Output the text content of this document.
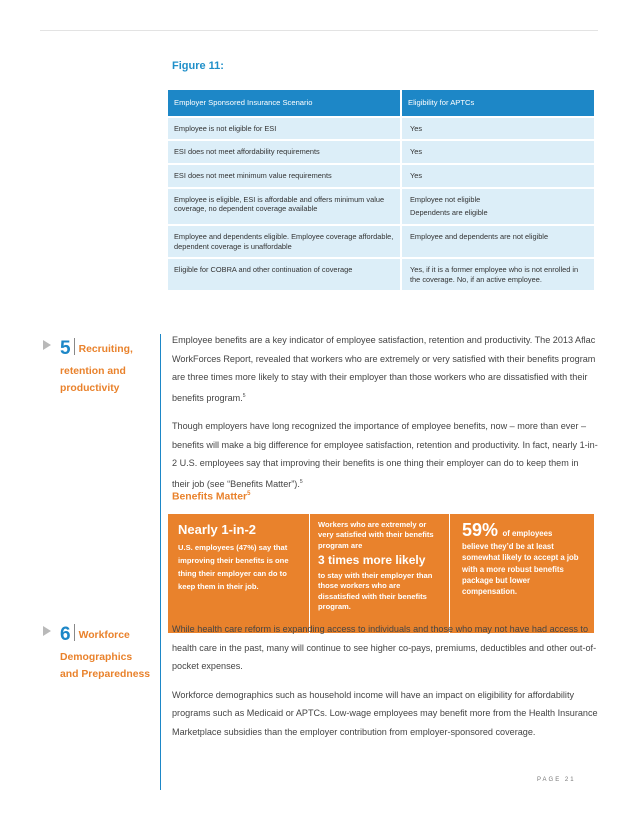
Figure 11:
Employer Sponsored Insurance Scenario	Eligibility for APTCs
Employee is not eligible for ESI	Yes
ESI does not meet affordability requirements	Yes
ESI does not meet minimum value requirements	Yes
Employee is eligible, ESI is affordable and offers minimum value coverage, no dependent coverage available	Employee not eligible
Dependents are eligible

Employee and dependents eligible. Employee coverage affordable, dependent coverage is unaffordable	Employee and dependents are not eligible
Eligible for COBRA and other continuation of coverage	Yes, if it is a former employee who is not enrolled in the coverage. No, if an active employee.
5 Recruiting,
retention and
productivity

Employee benefits are a key indicator of employee satisfaction, retention and productivity. The 2013 Aflac WorkForces Report, revealed that workers who are extremely or very satisfied with their benefits program are three times more likely to stay with their employer than those workers who are dissatisfied with their benefits program.$^5$

Though employers have long recognized the importance of employee benefits, now – more than ever – benefits will make a big difference for employee satisfaction, retention and productivity. In fact, nearly 1-in-2 U.S. employees say that improving their benefits is one thing their employer can do to keep them in their job (see “Benefits Matter”).$^5$

Benefits Matter$^5$
Nearly 1-in-2
U.S. employees (47%) say that improving their benefits is one thing their employer can do to keep them in their job.
Workers who are extremely or very satisfied with their benefits program are
3 times more likely
to stay with their employer than those workers who are dissatisfied with their benefits program.
59% of employees
believe they’d be at least somewhat likely to accept a job with a more robust benefits package but lower compensation.
6 Workforce
Demographics
and Preparedness

While health care reform is expanding access to individuals and those who may not have had access to health care in the past, many will continue to see higher co-pays, premiums, deductibles and other out-of-pocket expenses.

Workforce demographics such as household income will have an impact on eligibility for affordability programs such as Medicaid or APTCs. Low-wage employees may benefit more from the Health Insurance Marketplace subsidies than the employer contribution from employer-sponsored coverage.

PAGE 21
